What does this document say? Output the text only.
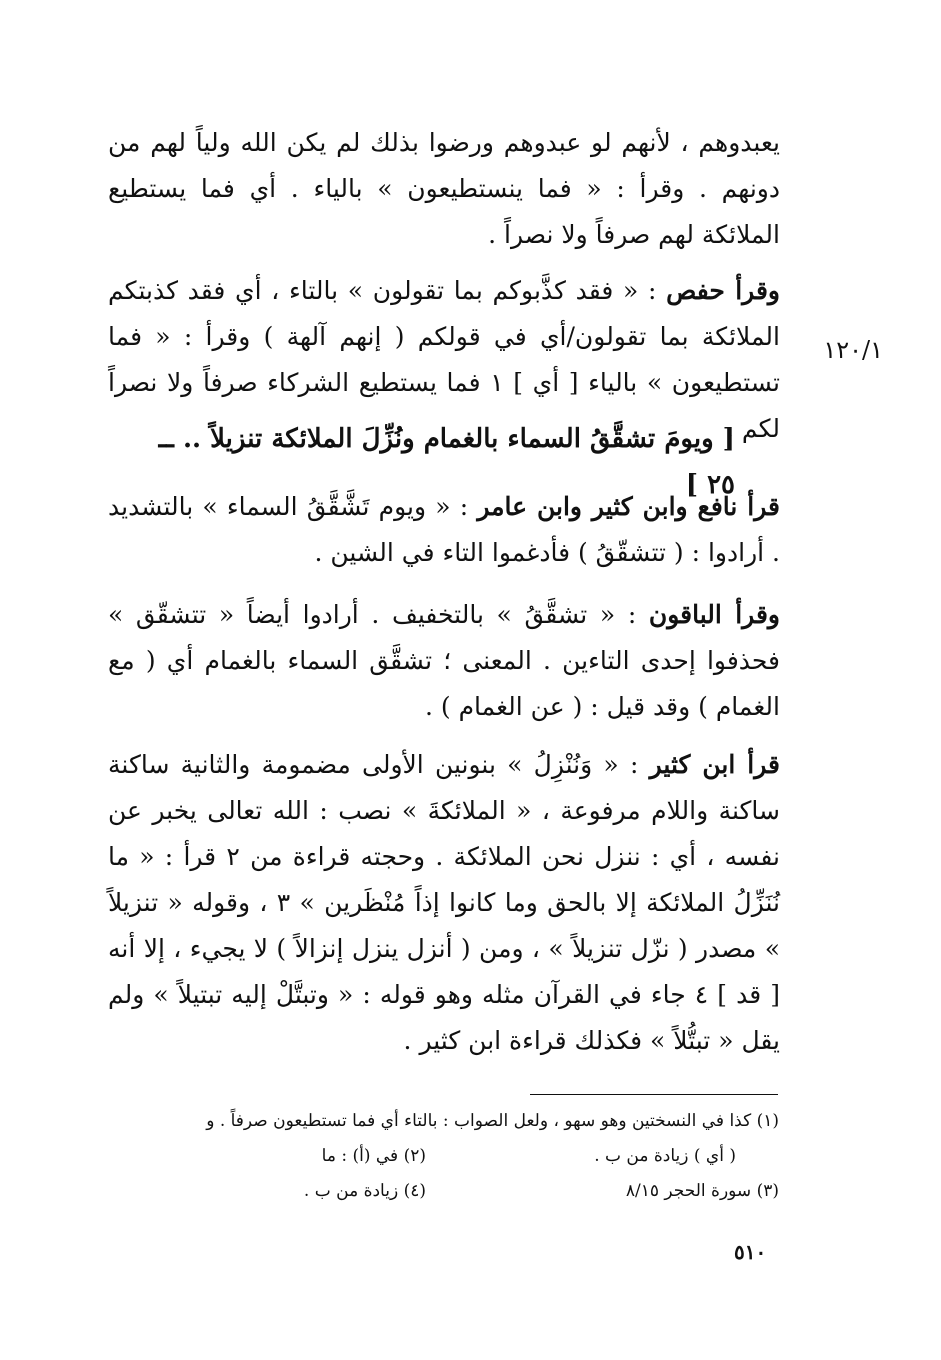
١٢٠/١
يعبدوهم ، لأنهم لو عبدوهم ورضوا بذلك لم يكن الله ولياً لهم من دونهم . وقرأ : « فما ينستطيعون » بالياء . أي فما يستطيع الملائكة لهم صرفاً ولا نصراً .
وقرأ حفص : « فقد كذَّبوكم بما تقولون » بالتاء ، أي فقد كذبتكم الملائكة بما تقولون/أي في قولكم ( إنهم آلهة ) وقرأ : « فما تستطيعون » بالياء [ أي ] ١ فما يستطيع الشركاء صرفاً ولا نصراً لكم .
[ ويومَ تشقَّقُ السماء بالغمام ونُزِّلَ الملائكة تنزيلاً .. ــ ٢٥ ]
قرأ نافع وابن كثير وابن عامر : « ويوم تَشَّقَّقُ السماء » بالتشديد . أرادوا : ( تتشقّقُ ) فأدغموا التاء في الشين .
وقرأ الباقون : « تشقَّقُ » بالتخفيف . أرادوا أيضاً « تتشقّق » فحذفوا إحدى التاءين . المعنى ؛ تشقَّق السماء بالغمام أي ( مع الغمام ) وقد قيل : ( عن الغمام ) .
قرأ ابن كثير : « وَنُنْزِلُ » بنونين الأولى مضمومة والثانية ساكنة ساكنة واللام مرفوعة ، « الملائكةَ » نصب : الله تعالى يخبر عن نفسه ، أي : ننزل نحن الملائكة . وحجته قراءة من ٢ قرأ : « ما نُنَزِّلُ الملائكة إلا بالحق وما كانوا إذاً مُنْظَرين » ٣ ، وقوله « تنزيلاً » مصدر ( نزّل تنزيلاً » ، ومن ( أنزل ينزل إنزالاً ) لا يجيء ، إلا أنه [ قد ] ٤ جاء في القرآن مثله وهو قوله : « وتبتَّلْ إليه تبتيلاً » ولم يقل « تبتُّلاً » فكذلك قراءة ابن كثير .
(١) كذا في النسختين وهو سهو ، ولعل الصواب : بالتاء أي فما تستطيعون صرفاً . و
( أي ) زيادة من ب .
(٢) في (أ) : ما
(٣) سورة الحجر ٨/١٥
(٤) زيادة من ب .
٥١٠
